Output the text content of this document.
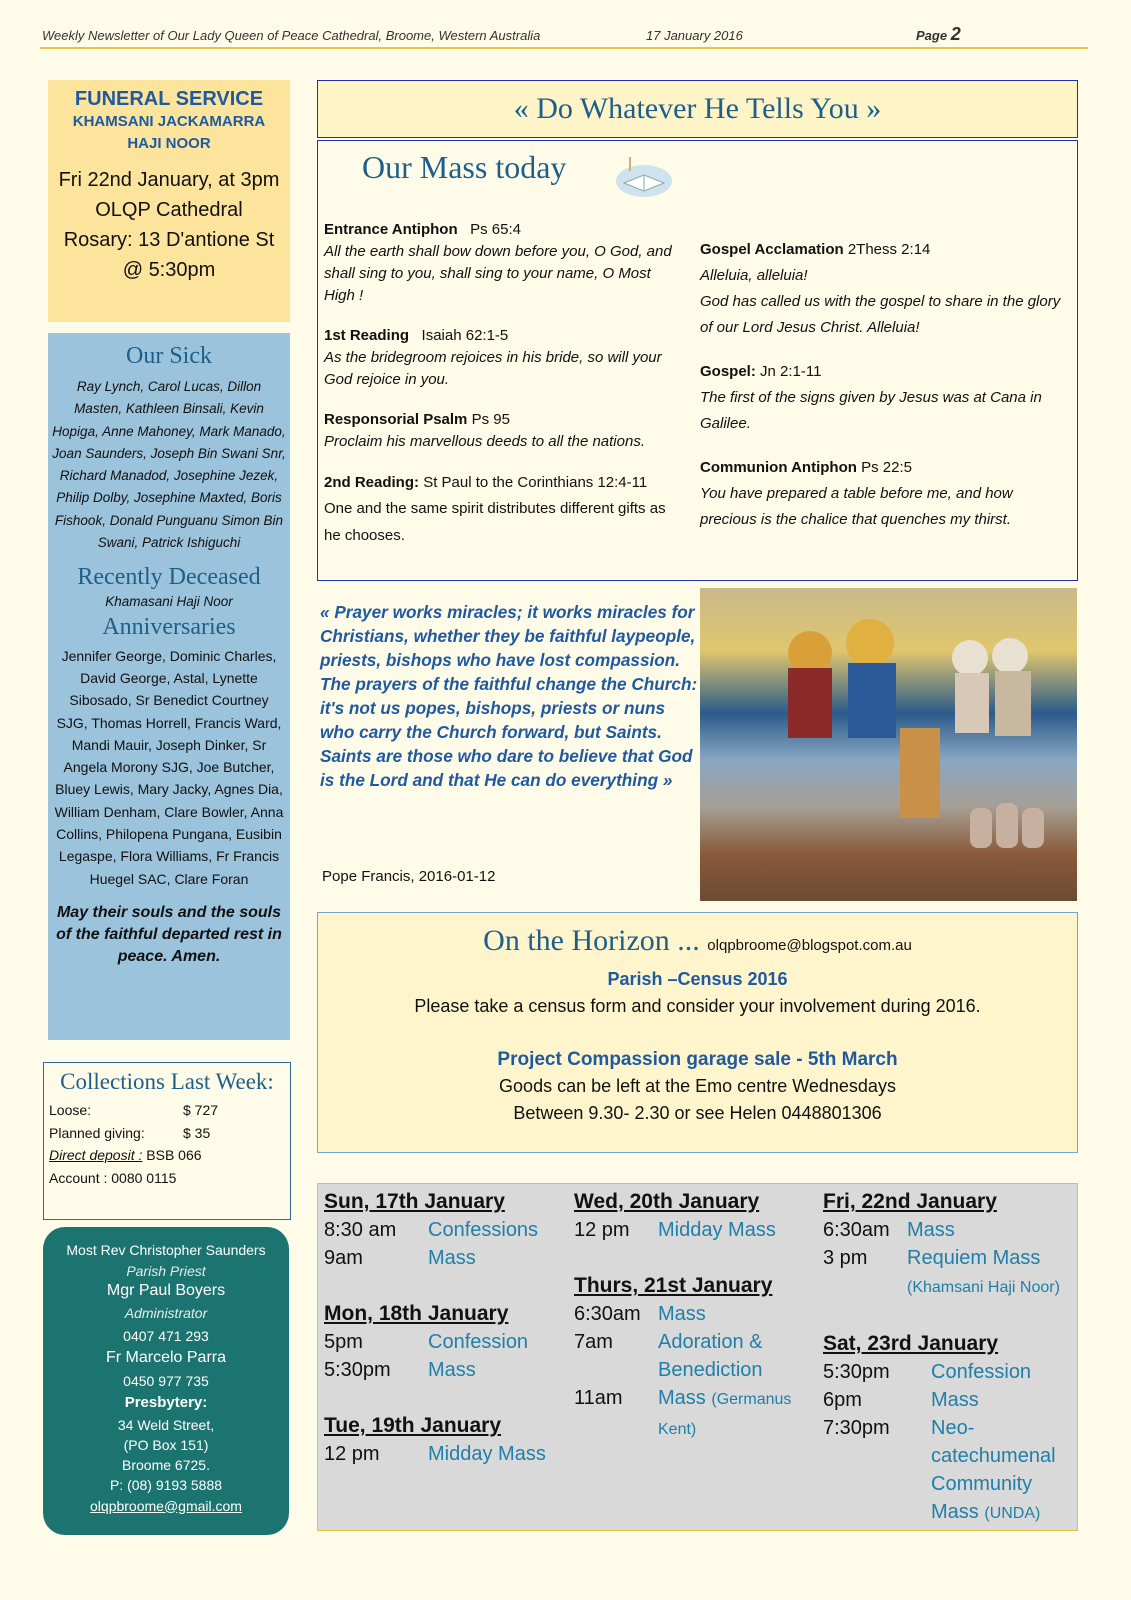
Weekly Newsletter of Our Lady Queen of Peace Cathedral, Broome, Western Australia	17 January 2016	Page 2
FUNERAL SERVICE
KHAMSANI JACKAMARRA
HAJI NOOR
Fri 22nd January, at 3pm
OLQP Cathedral
Rosary: 13 D'antione St
@ 5:30pm
Our Sick
Ray Lynch, Carol Lucas, Dillon Masten, Kathleen Binsali, Kevin Hopiga, Anne Mahoney, Mark Manado, Joan Saunders, Joseph Bin Swani Snr, Richard Manadod, Josephine Jezek, Philip Dolby, Josephine Maxted, Boris Fishook, Donald Punguanu Simon Bin Swani, Patrick Ishiguchi
Recently Deceased
Khamasani Haji Noor
Anniversaries
Jennifer George, Dominic Charles, David George, Astal, Lynette Sibosado, Sr Benedict Courtney SJG, Thomas Horrell, Francis Ward, Mandi Mauir, Joseph Dinker, Sr Angela Morony SJG, Joe Butcher, Bluey Lewis, Mary Jacky, Agnes Dia, William Denham, Clare Bowler, Anna Collins, Philopena Pungana, Eusibin Legaspe, Flora Williams, Fr Francis Huegel SAC, Clare Foran
May their souls and the souls of the faithful departed rest in peace. Amen.
Collections Last Week:
Loose:	$ 727
Planned giving:	$ 35
Direct deposit : BSB 066
Account : 0080 0115
Most Rev Christopher Saunders
Parish Priest
Mgr Paul Boyers
Administrator
0407 471 293
Fr Marcelo Parra
0450 977 735
Presbytery:
34 Weld Street,
(PO Box 151)
Broome 6725.
P: (08) 9193 5888
olqpbroome@gmail.com
« Do Whatever He Tells You »
Our Mass today
Entrance Antiphon Ps 65:4
All the earth shall bow down before you, O God, and shall sing to you, shall sing to your name, O Most High !
1st Reading Isaiah 62:1-5
As the bridegroom rejoices in his bride, so will your God rejoice in you.
Responsorial Psalm Ps 95
Proclaim his marvellous deeds to all the nations.
2nd Reading: St Paul to the Corinthians 12:4-11
One and the same spirit distributes different gifts as he chooses.
Gospel Acclamation 2Thess 2:14
Alleluia, alleluia!
God has called us with the gospel to share in the glory of our Lord Jesus Christ. Alleluia!
Gospel: Jn 2:1-11
The first of the signs given by Jesus was at Cana in Galilee.
Communion Antiphon Ps 22:5
You have prepared a table before me, and how precious is the chalice that quenches my thirst.
« Prayer works miracles; it works miracles for Christians, whether they be faithful laypeople, priests, bishops who have lost compassion. The prayers of the faithful change the Church: it's not us popes, bishops, priests or nuns who carry the Church forward, but Saints. Saints are those who dare to believe that God is the Lord and that He can do everything »
Pope Francis, 2016-01-12
On the Horizon ... olqpbroome@blogspot.com.au
Parish –Census 2016
Please take a census form and consider your involvement during 2016.
Project Compassion garage sale - 5th March
Goods can be left at the Emo centre Wednesdays
Between 9.30- 2.30 or see Helen 0448801306
Sun, 17th January
8:30 am	Confessions
9am	Mass
Mon, 18th January
5pm	Confession
5:30pm	Mass
Tue, 19th January
12 pm	Midday Mass
Wed, 20th January
12 pm	Midday Mass
Thurs, 21st January
6:30am Mass
7am	Adoration & Benediction
11am	Mass (Germanus Kent)
Fri, 22nd January
6:30am Mass
3 pm	Requiem Mass (Khamsani Haji Noor)
Sat, 23rd January
5:30pm	Confession
6pm	Mass
7:30pm	Neo-catechumenal Community Mass (UNDA)
